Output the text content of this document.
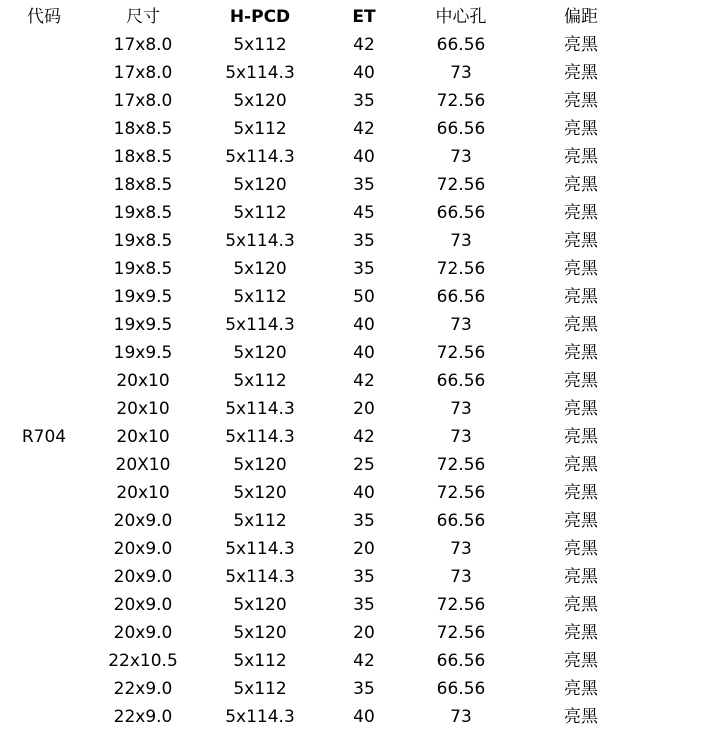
代码	尺寸	H-PCD	ET	中心孔	偏距	
	17x8.0	5x112	42	66.56	亮黑	
	17x8.0	5x114.3	40	73	亮黑	
	17x8.0	5x120	35	72.56	亮黑	
	18x8.5	5x112	42	66.56	亮黑	
	18x8.5	5x114.3	40	73	亮黑	
	18x8.5	5x120	35	72.56	亮黑	
	19x8.5	5x112	45	66.56	亮黑	
	19x8.5	5x114.3	35	73	亮黑	
	19x8.5	5x120	35	72.56	亮黑	
	19x9.5	5x112	50	66.56	亮黑	
	19x9.5	5x114.3	40	73	亮黑	
	19x9.5	5x120	40	72.56	亮黑	
	20x10	5x112	42	66.56	亮黑	
	20x10	5x114.3	20	73	亮黑	
R704	20x10	5x114.3	42	73	亮黑	
	20X10	5x120	25	72.56	亮黑	
	20x10	5x120	40	72.56	亮黑	
	20x9.0	5x112	35	66.56	亮黑	
	20x9.0	5x114.3	20	73	亮黑	
	20x9.0	5x114.3	35	73	亮黑	
	20x9.0	5x120	35	72.56	亮黑	
	20x9.0	5x120	20	72.56	亮黑	
	22x10.5	5x112	42	66.56	亮黑	
	22x9.0	5x112	35	66.56	亮黑	
	22x9.0	5x114.3	40	73	亮黑	
